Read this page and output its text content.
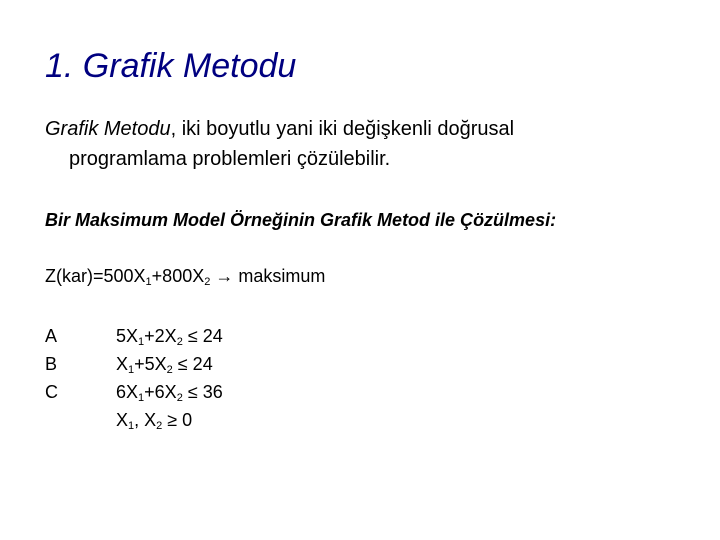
1. Grafik Metodu
Grafik Metodu, iki boyutlu yani iki değişkenli doğrusal
programlama problemleri çözülebilir.
Bir Maksimum Model Örneğinin Grafik Metod ile Çözülmesi:
$Z(kar)=500X_1+800X_2$ → maksimum
A
B
C
$5X_1+2X_2 \le 24$
$X_1+5X_2 \le 24$
$6X_1+6X_2 \le 36$
$X_1$, $X_2 \ge 0$
